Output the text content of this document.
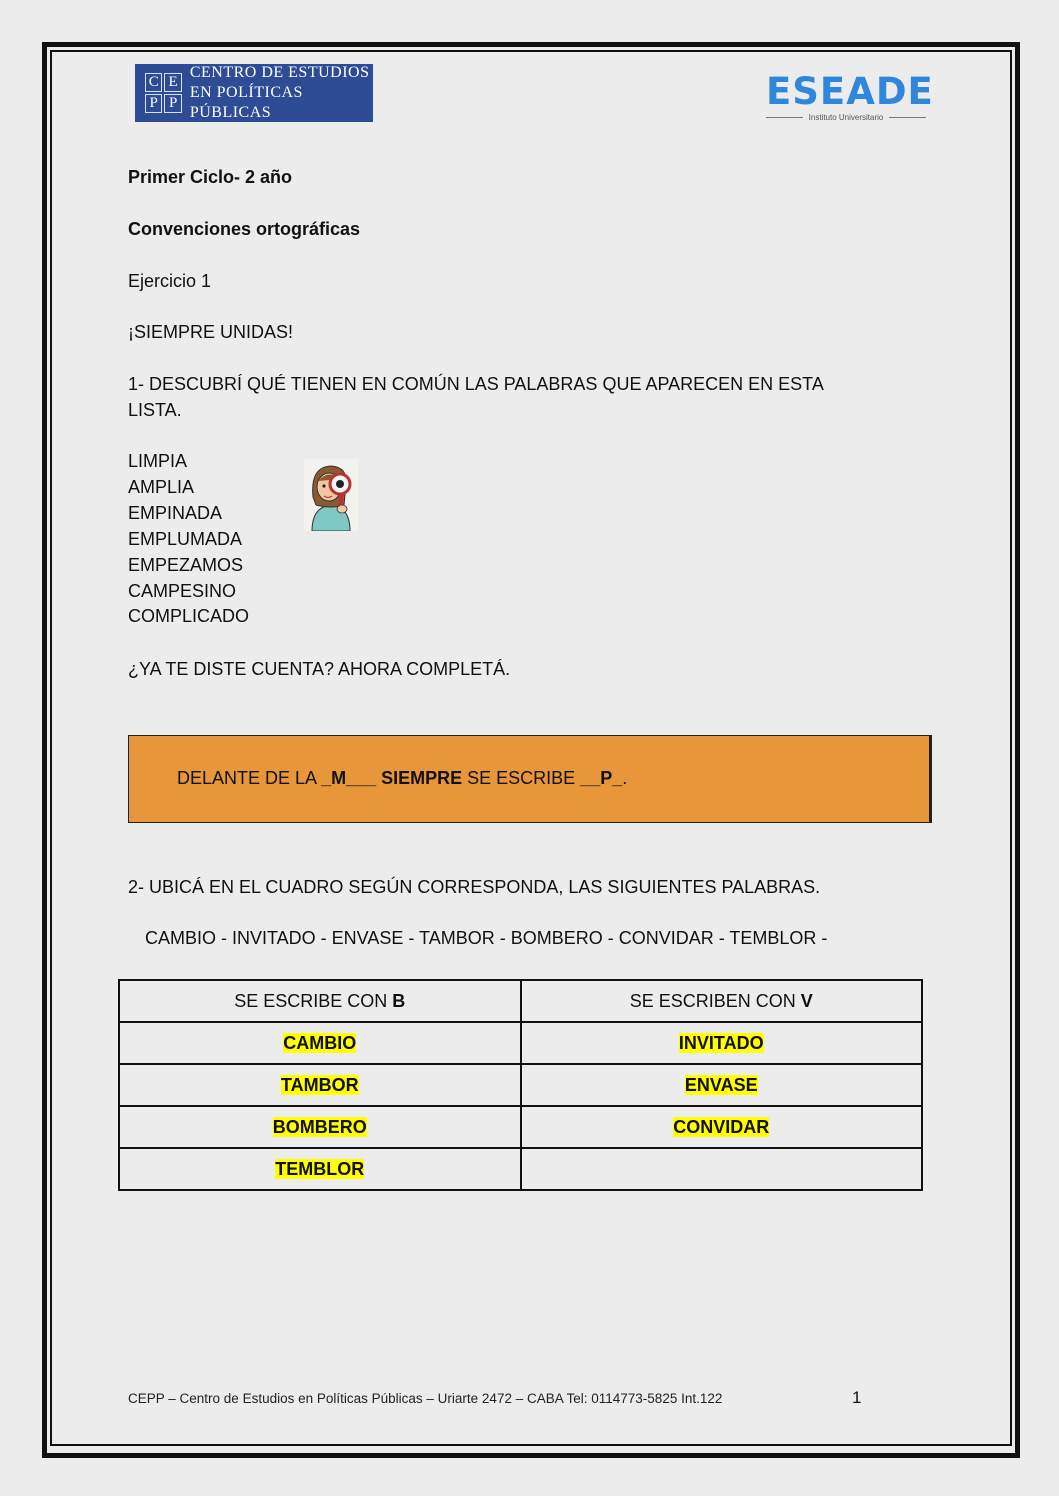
C E
P P
CENTRO DE ESTUDIOS
EN POLÍTICAS PÚBLICAS	ESEADE
Instituto Universitario
Primer Ciclo- 2 año
Convenciones ortográficas
Ejercicio 1
¡SIEMPRE UNIDAS!
1- DESCUBRÍ QUÉ TIENEN EN COMÚN LAS PALABRAS QUE APARECEN EN ESTA
LISTA.
LIMPIA
AMPLIA
EMPINADA
EMPLUMADA
EMPEZAMOS
CAMPESINO
COMPLICADO
¿YA TE DISTE CUENTA? AHORA COMPLETÁ.
DELANTE DE LA _M___ SIEMPRE SE ESCRIBE __P_.
2- UBICÁ EN EL CUADRO SEGÚN CORRESPONDA, LAS SIGUIENTES PALABRAS.
CAMBIO - INVITADO - ENVASE - TAMBOR - BOMBERO - CONVIDAR - TEMBLOR -
SE ESCRIBE CON B	SE ESCRIBEN CON V
CAMBIO	INVITADO
TAMBOR	ENVASE
BOMBERO	CONVIDAR
TEMBLOR	
CEPP – Centro de Estudios en Políticas Públicas – Uriarte 2472 – CABA Tel: 0114773-5825 Int.122	1
